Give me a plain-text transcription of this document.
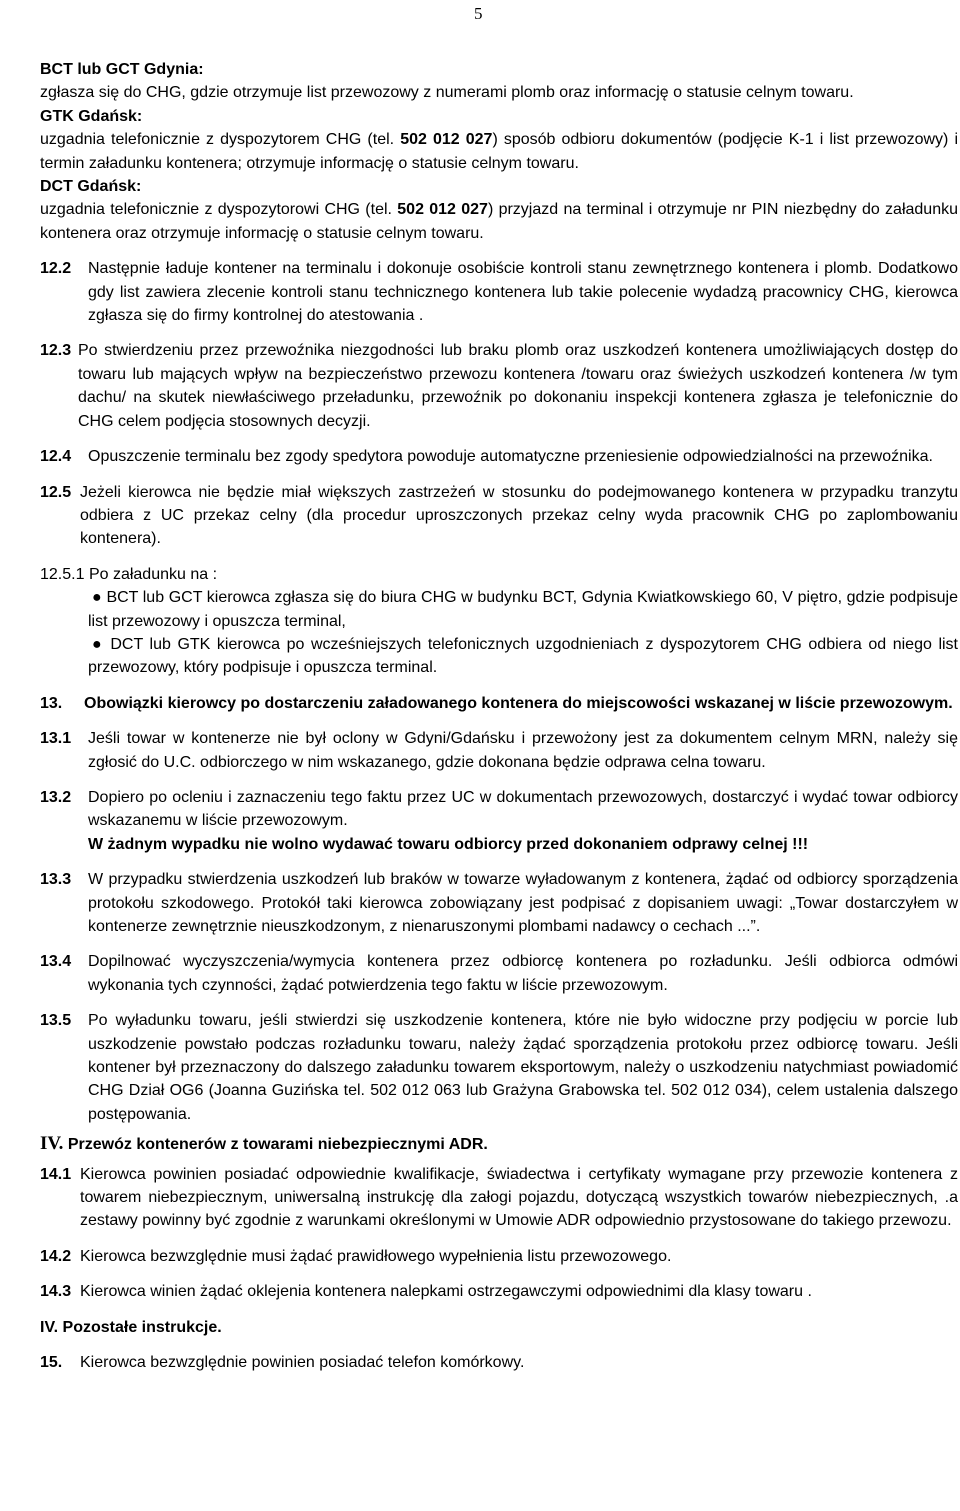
5

BCT lub GCT Gdynia:

zgłasza się do CHG, gdzie otrzymuje list przewozowy z numerami plomb oraz informację o statusie celnym towaru.

GTK Gdańsk:

uzgadnia telefonicznie z dyspozytorem CHG (tel. 502 012 027) sposób odbioru dokumentów (podjęcie K-1 i list przewozowy) i termin załadunku kontenera; otrzymuje informację o statusie celnym towaru.

DCT Gdańsk:

uzgadnia telefonicznie z dyspozytorowi CHG (tel. 502 012 027) przyjazd na terminal i otrzymuje nr PIN niezbędny do załadunku kontenera oraz otrzymuje informację o statusie celnym towaru.

12.2	Następnie ładuje kontener na terminalu i dokonuje osobiście kontroli stanu zewnętrznego kontenera i plomb. Dodatkowo gdy list zawiera zlecenie kontroli stanu technicznego kontenera lub takie polecenie wydadzą pracownicy CHG, kierowca zgłasza się do firmy kontrolnej do atestowania .
12.3 Po stwierdzeniu przez przewoźnika niezgodności lub braku plomb oraz uszkodzeń kontenera umożliwiających dostęp do towaru lub mających wpływ na bezpieczeństwo przewozu kontenera /towaru oraz świeżych uszkodzeń kontenera /w tym dachu/ na skutek niewłaściwego przeładunku, przewoźnik po dokonaniu inspekcji kontenera zgłasza je telefonicznie do CHG celem podjęcia stosownych decyzji.
12.4	Opuszczenie terminalu bez zgody spedytora powoduje automatyczne przeniesienie odpowiedzialności na przewoźnika.
12.5 Jeżeli kierowca nie będzie miał większych zastrzeżeń w stosunku do podejmowanego kontenera w przypadku tranzytu odbiera z UC przekaz celny (dla procedur uproszczonych przekaz celny wyda pracownik CHG po zaplombowaniu kontenera).

12.5.1 Po załadunku na :

● BCT lub GCT kierowca zgłasza się do biura CHG w budynku BCT, Gdynia Kwiatkowskiego 60, V piętro, gdzie podpisuje list przewozowy i opuszcza terminal,

● DCT lub GTK kierowca po wcześniejszych telefonicznych uzgodnieniach z dyspozytorem CHG odbiera od niego list przewozowy, który podpisuje i opuszcza terminal.

13.	Obowiązki kierowcy po dostarczeniu załadowanego kontenera do miejscowości wskazanej w liście przewozowym.
13.1	Jeśli towar w kontenerze nie był oclony w Gdyni/Gdańsku i przewożony jest za dokumentem celnym MRN, należy się zgłosić do U.C. odbiorczego w nim wskazanego, gdzie dokonana będzie odprawa celna towaru.
13.2	Dopiero po ocleniu i zaznaczeniu tego faktu przez UC w dokumentach przewozowych, dostarczyć i wydać towar odbiorcy wskazanemu w liście przewozowym.
W żadnym wypadku nie wolno wydawać towaru odbiorcy przed dokonaniem odprawy celnej !!!
13.3	W przypadku stwierdzenia uszkodzeń lub braków w towarze wyładowanym z kontenera, żądać od odbiorcy sporządzenia protokołu szkodowego. Protokół taki kierowca zobowiązany jest podpisać z dopisaniem uwagi: „Towar dostarczyłem w kontenerze zewnętrznie nieuszkodzonym, z nienaruszonymi plombami nadawcy o cechach ...”.
13.4	Dopilnować wyczyszczenia/wymycia kontenera przez odbiorcę kontenera po rozładunku. Jeśli odbiorca odmówi wykonania tych czynności, żądać potwierdzenia tego faktu w liście przewozowym.
13.5	Po wyładunku towaru, jeśli stwierdzi się uszkodzenie kontenera, które nie było widoczne przy podjęciu w porcie lub uszkodzenie powstało podczas rozładunku towaru, należy żądać sporządzenia protokołu przez odbiorcę towaru. Jeśli kontener był przeznaczony do dalszego załadunku towarem eksportowym, należy o uszkodzeniu natychmiast powiadomić CHG Dział OG6 (Joanna Guzińska tel. 502 012 063 lub Grażyna Grabowska tel. 502 012 034), celem ustalenia dalszego postępowania.
IV. Przewóz kontenerów z towarami niebezpiecznymi ADR.
14.1 Kierowca powinien posiadać odpowiednie kwalifikacje, świadectwa i certyfikaty wymagane przy przewozie kontenera z towarem niebezpiecznym, uniwersalną instrukcję dla załogi pojazdu, dotyczącą wszystkich towarów niebezpiecznych, .a zestawy powinny być zgodnie z warunkami określonymi w Umowie ADR odpowiednio przystosowane do takiego przewozu.
14.2 Kierowca bezwzględnie musi żądać prawidłowego wypełnienia listu przewozowego.
14.3 Kierowca winien żądać oklejenia kontenera nalepkami ostrzegawczymi odpowiednimi dla klasy towaru .
IV. Pozostałe instrukcje.
15.	Kierowca bezwzględnie powinien posiadać telefon komórkowy.
